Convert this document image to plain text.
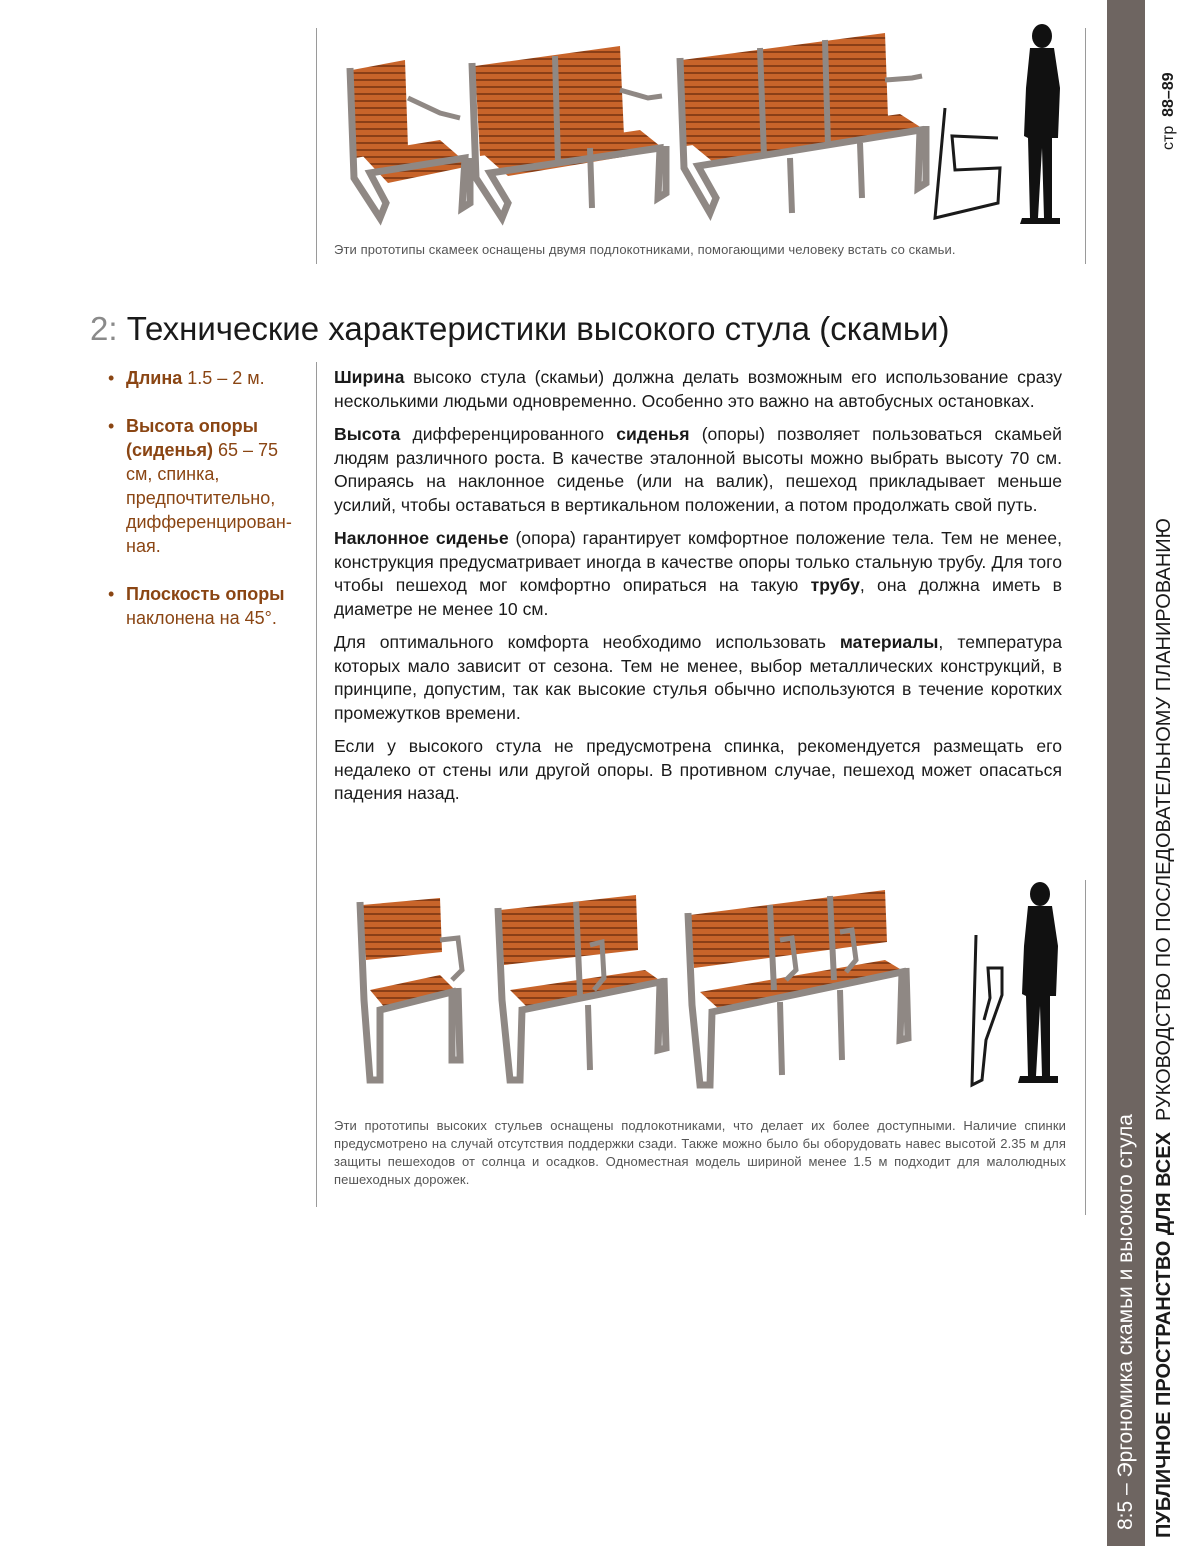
Эти прототипы скамеек оснащены двумя подлокотниками, помогающими человеку встать со скамьи.
2: Технические характеристики высокого стула (скамьи)
• Длина 1.5 – 2 м.
• Высота опоры (сиденья) 65 – 75 см, спинка, предпочтительно, дифференцирован-ная.
• Плоскость опоры наклонена на 45°.

Ширина высоко стула (скамьи) должна делать возможным его использование сразу несколькими людьми одновременно. Особенно это важно на автобусных остановках.

Высота дифференцированного сиденья (опоры) позволяет пользоваться скамьей людям различного роста. В качестве эталонной высоты можно выбрать высоту 70 см. Опираясь на наклонное сиденье (или на валик), пешеход прикладывает меньше усилий, чтобы оставаться в вертикальном положении, а потом продолжать свой путь.

Наклонное сиденье (опора) гарантирует комфортное положение тела. Тем не менее, конструкция предусматривает иногда в качестве опоры только стальную трубу. Для того чтобы пешеход мог комфортно опираться на такую трубу, она должна иметь в диаметре не менее 10 см.

Для оптимального комфорта необходимо использовать материалы, температура которых мало зависит от сезона. Тем не менее, выбор металлических конструкций, в принципе, допустим, так как высокие стулья обычно используются в течение коротких промежутков времени.

Если у высокого стула не предусмотрена спинка, рекомендуется размещать его недалеко от стены или другой опоры. В противном случае, пешеход может опасаться падения назад.

Эти прототипы высоких стульев оснащены подлокотниками, что делает их более доступными. Наличие спинки предусмотрено на случай отсутствия поддержки сзади. Также можно было бы оборудовать навес высотой 2.35 м для защиты пешеходов от солнца и осадков. Одноместная модель шириной менее 1.5 м подходит для малолюдных пешеходных дорожек.	8:5 – Эргономика скамьи и высокого стула ПУБЛИЧНОЕ ПРОСТРАНСТВО ДЛЯ ВСЕХ  РУКОВОДСТВО ПО ПОСЛЕДОВАТЕЛЬНОМУ ПЛАНИРОВАНИЮ
стр  88–89
